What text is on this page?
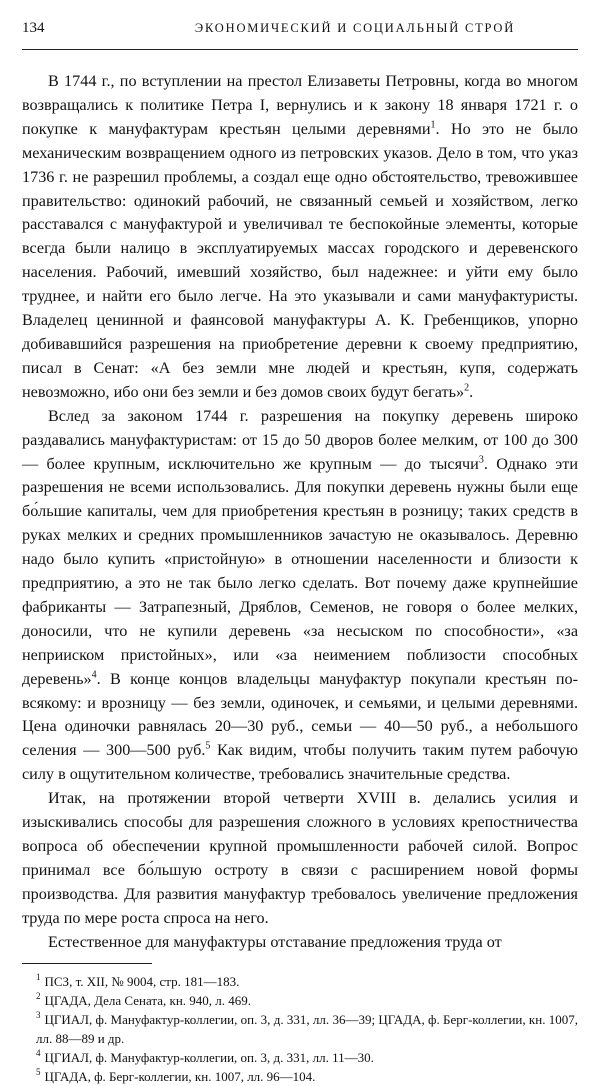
134	ЭКОНОМИЧЕСКИЙ И СОЦИАЛЬНЫЙ СТРОЙ

В 1744 г., по вступлении на престол Елизаветы Петровны, когда во многом возвращались к политике Петра I, вернулись и к закону 18 января 1721 г. о покупке к мануфактурам крестьян целыми деревнями$^1$. Но это не было механическим возвращением одного из петровских указов. Дело в том, что указ 1736 г. не разрешил проблемы, а создал еще одно обстоятельство, тревожившее правительство: одинокий рабочий, не связанный семьей и хозяйством, легко расставался с мануфактурой и увеличивал те беспокойные элементы, которые всегда были налицо в эксплуатируемых массах городского и деревенского населения. Рабочий, имевший хозяйство, был надежнее: и уйти ему было труднее, и найти его было легче. На это указывали и сами мануфактуристы. Владелец ценинной и фаянсовой мануфактуры А. К. Гребенщиков, упорно добивавшийся разрешения на приобретение деревни к своему предприятию, писал в Сенат: «А без земли мне людей и крестьян, купя, содержать невозможно, ибо они без земли и без домов своих будут бегать»$^2$.

Вслед за законом 1744 г. разрешения на покупку деревень широко раздавались мануфактуристам: от 15 до 50 дворов более мелким, от 100 до 300 — более крупным, исключительно же крупным — до тысячи$^3$. Однако эти разрешения не всеми использовались. Для покупки деревень нужны были еще бо́льшие капиталы, чем для приобретения крестьян в розницу; таких средств в руках мелких и средних промышленников зачастую не оказывалось. Деревню надо было купить «пристойную» в отношении населенности и близости к предприятию, а это не так было легко сделать. Вот почему даже крупнейшие фабриканты — Затрапезный, Дряблов, Семенов, не говоря о более мелких, доносили, что не купили деревень «за несыском по способности», «за неприиском пристойных», или «за неимением поблизости способных деревень»$^4$. В конце концов владельцы мануфактур покупали крестьян по-всякому: и врозницу — без земли, одиночек, и семьями, и целыми деревнями. Цена одиночки равнялась 20—30 руб., семьи — 40—50 руб., а небольшого селения — 300—500 руб.$^5$ Как видим, чтобы получить таким путем рабочую силу в ощутительном количестве, требовались значительные средства.

Итак, на протяжении второй четверти XVIII в. делались усилия и изыскивались способы для разрешения сложного в условиях крепостничества вопроса об обеспечении крупной промышленности рабочей силой. Вопрос принимал все бо́льшую остроту в связи с расширением новой формы производства. Для развития мануфактур требовалось увеличение предложения труда по мере роста спроса на него.

Естественное для мануфактуры отставание предложения труда от

$^1$ ПСЗ, т. XII, № 9004, стр. 181—183.

$^2$ ЦГАДА, Дела Сената, кн. 940, л. 469.

$^3$ ЦГИАЛ, ф. Мануфактур-коллегии, оп. 3, д. 331, лл. 36—39; ЦГАДА, ф. Берг-коллегии, кн. 1007, лл. 88—89 и др.

$^4$ ЦГИАЛ, ф. Мануфактур-коллегии, оп. 3, д. 331, лл. 11—30.

$^5$ ЦГАДА, ф. Берг-коллегии, кн. 1007, лл. 96—104.
